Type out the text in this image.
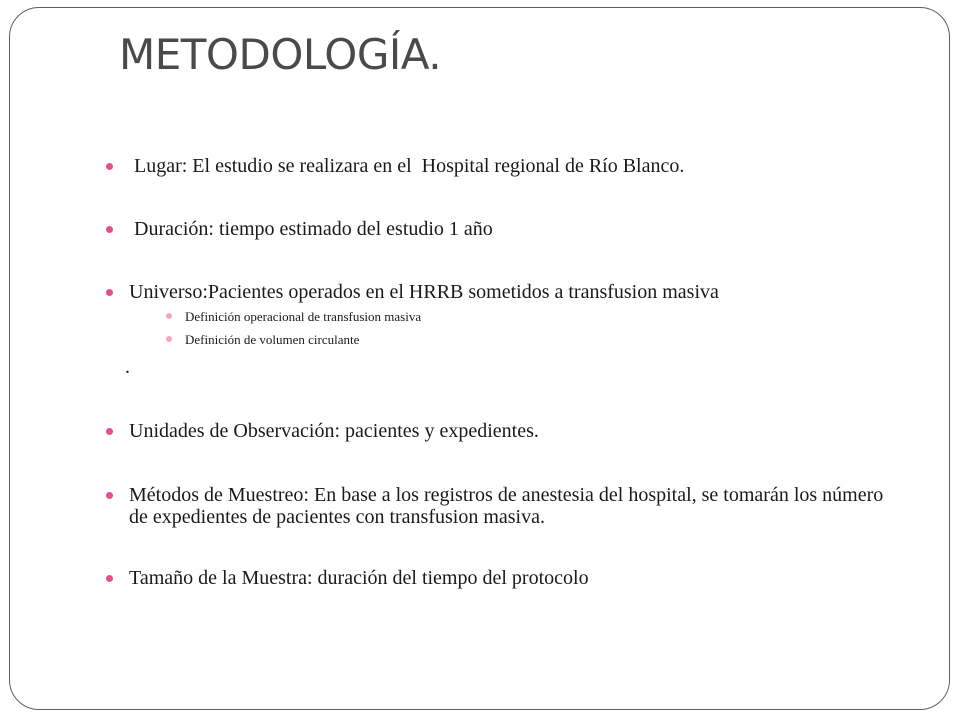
METODOLOGÍA.
Lugar: El estudio se realizara en el  Hospital regional de Río Blanco.
Duración: tiempo estimado del estudio 1 año
Universo:Pacientes operados en el HRRB sometidos a transfusion masiva
Definición operacional de transfusion masiva
Definición de volumen circulante
.
Unidades de Observación: pacientes y expedientes.
Métodos de Muestreo: En base a los registros de anestesia del hospital, se tomarán los número de expedientes de pacientes con transfusion masiva.
Tamaño de la Muestra: duración del tiempo del protocolo
